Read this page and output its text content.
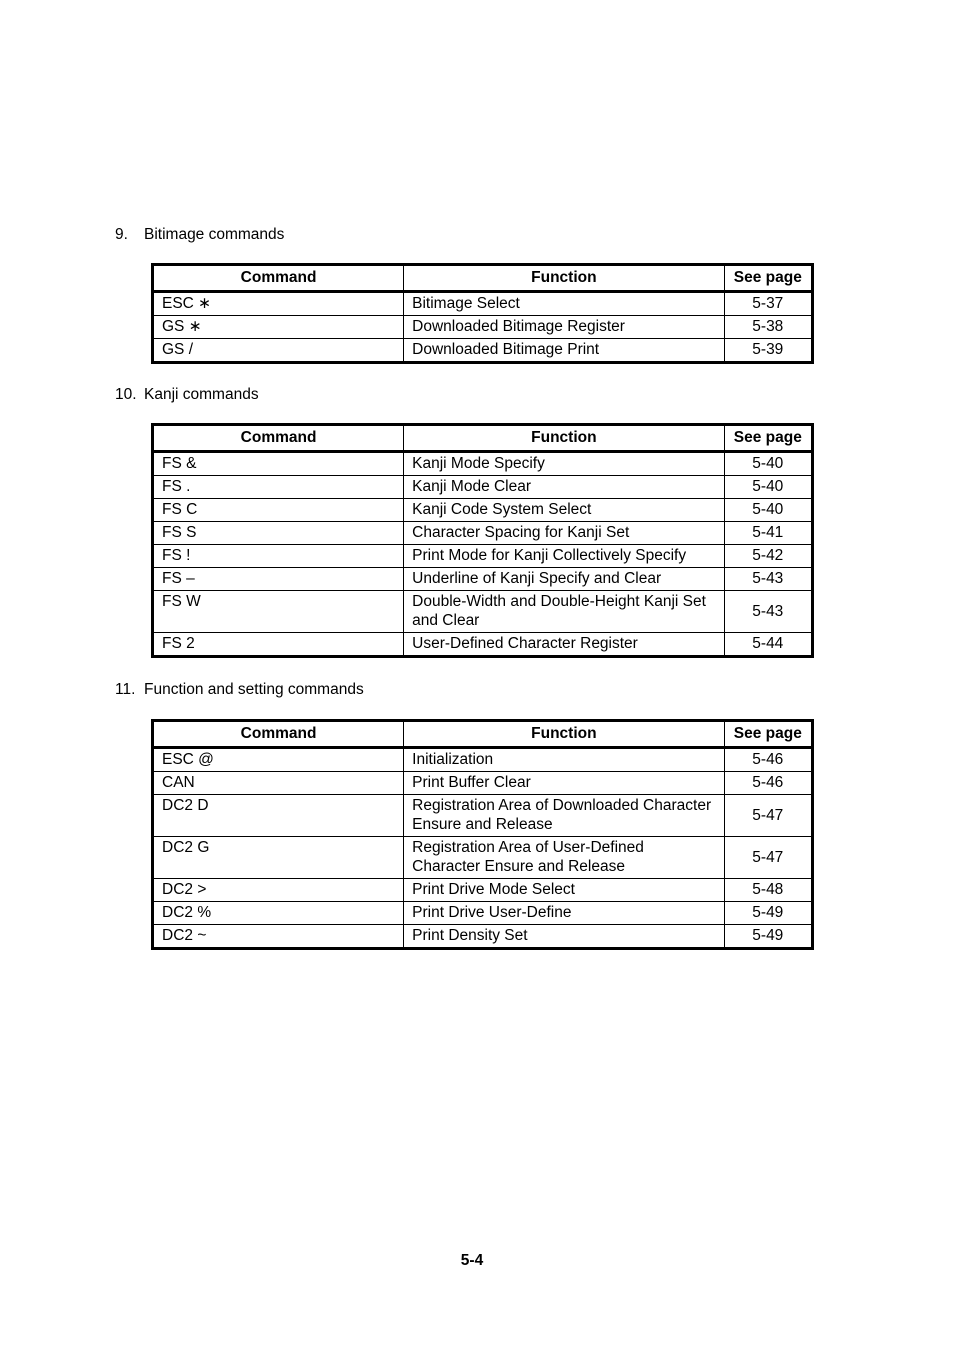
9. Bitimage commands
Command	Function	See page
ESC ∗	Bitimage Select	5-37
GS ∗	Downloaded Bitimage Register	5-38
GS /	Downloaded Bitimage Print	5-39
10. Kanji commands
Command	Function	See page
FS &	Kanji Mode Specify	5-40
FS .	Kanji Mode Clear	5-40
FS C	Kanji Code System Select	5-40
FS S	Character Spacing for Kanji Set	5-41
FS !	Print Mode for Kanji Collectively Specify	5-42
FS –	Underline of Kanji Specify and Clear	5-43
FS W	Double-Width and Double-Height Kanji Set and Clear	5-43
FS 2	User-Defined Character Register	5-44
11. Function and setting commands
Command	Function	See page
ESC @	Initialization	5-46
CAN	Print Buffer Clear	5-46
DC2 D	Registration Area of Downloaded Character Ensure and Release	5-47
DC2 G	Registration Area of User-Defined Character Ensure and Release	5-47
DC2 >	Print Drive Mode Select	5-48
DC2 %	Print Drive User-Define	5-49
DC2 ~	Print Density Set	5-49
5-4
